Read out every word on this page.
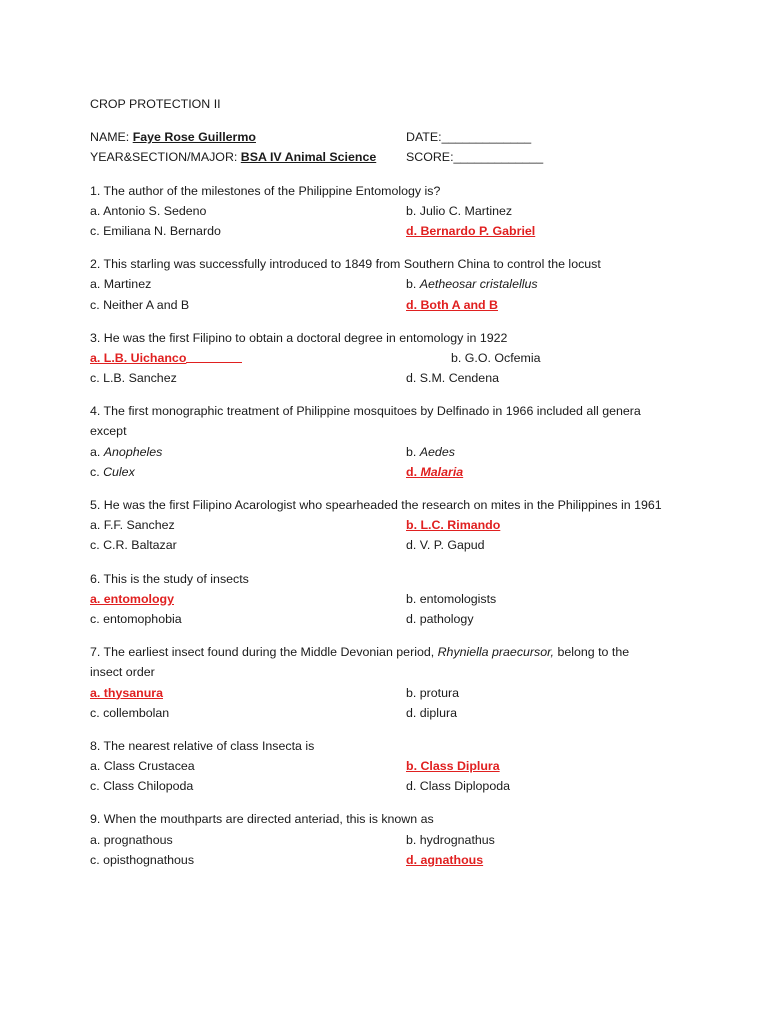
CROP PROTECTION II
NAME: Faye Rose Guillermo	DATE:_____________
YEAR&SECTION/MAJOR: BSA IV Animal Science SCORE:_____________
1. The author of the milestones of the Philippine Entomology is?
a. Antonio S. Sedeno	b. Julio C. Martinez
c. Emiliana N. Bernardo	d. Bernardo P. Gabriel
2. This starling was successfully introduced to 1849 from Southern China to control the locust
a. Martinez	b. Aetheosar cristalellus
c. Neither A and B	d. Both A and B
3. He was the first Filipino to obtain a doctoral degree in entomology in 1922
a. L.B. Uichanco	b. G.O. Ocfemia
c. L.B. Sanchez	d. S.M. Cendena
4. The first monographic treatment of Philippine mosquitoes by Delfinado in 1966 included all genera
except
a. Anopheles	b. Aedes
c. Culex	d. Malaria
5. He was the first Filipino Acarologist who spearheaded the research on mites in the Philippines in 1961
a. F.F. Sanchez	b. L.C. Rimando
c. C.R. Baltazar	d. V. P. Gapud
6. This is the study of insects
a. entomology	b. entomologists
c. entomophobia	d. pathology
7. The earliest insect found during the Middle Devonian period, Rhyniella praecursor, belong to the
insect order
a. thysanura	b. protura
c. collembolan	d. diplura
8. The nearest relative of class Insecta is
a. Class Crustacea	b. Class Diplura
c. Class Chilopoda	d. Class Diplopoda
9. When the mouthparts are directed anteriad, this is known as
a. prognathous	b. hydrognathus
c. opisthognathous	d. agnathous
